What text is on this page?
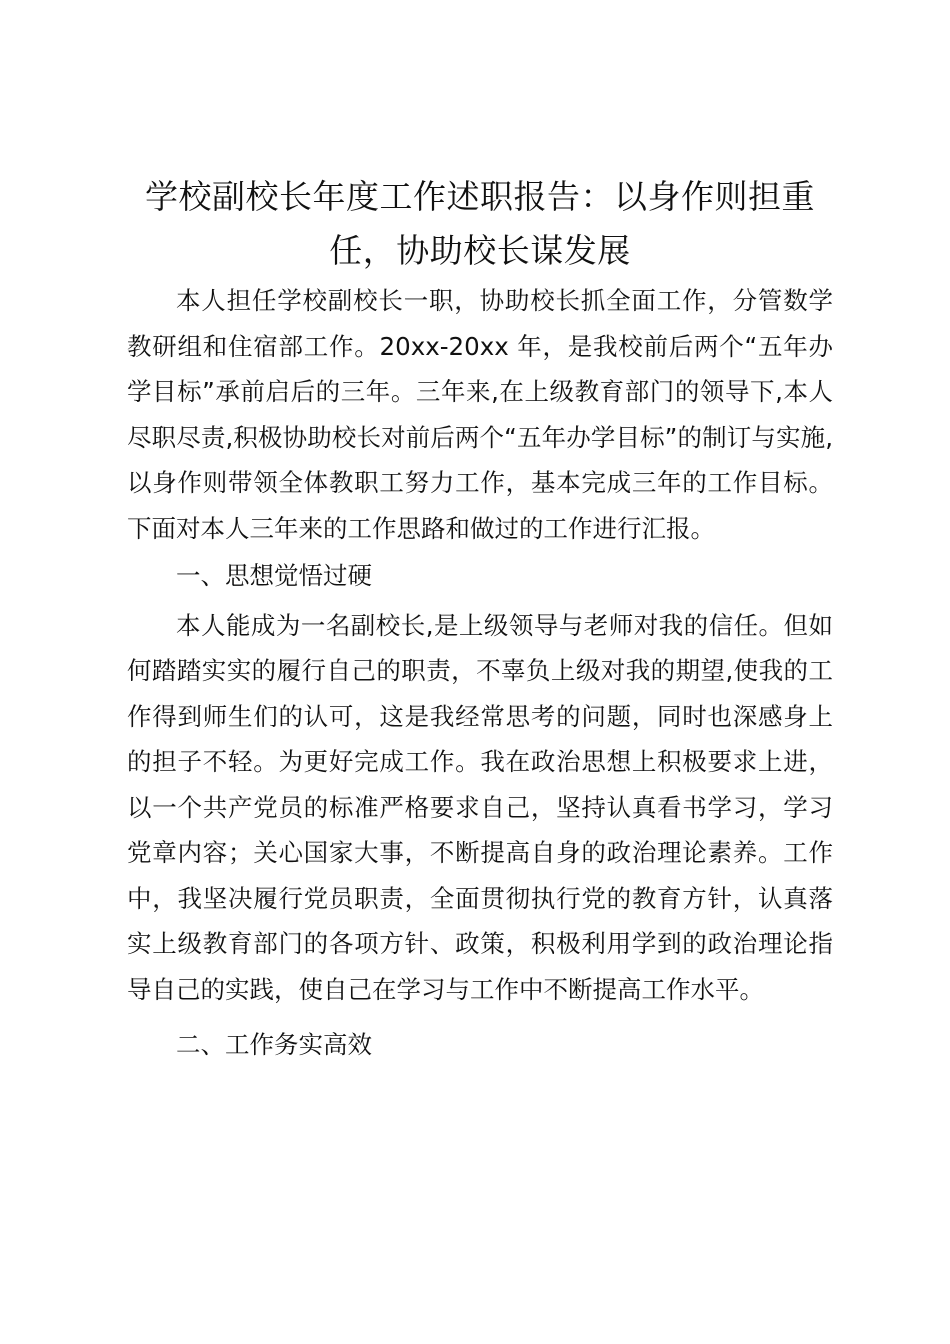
学校副校长年度工作述职报告：以身作则担重任，协助校长谋发展

本人担任学校副校长一职，协助校长抓全面工作，分管数学教研组和住宿部工作。20xx-20xx 年，是我校前后两个“五年办学目标”承前启后的三年。三年来,在上级教育部门的领导下,本人尽职尽责,积极协助校长对前后两个“五年办学目标”的制订与实施,以身作则带领全体教职工努力工作，基本完成三年的工作目标。下面对本人三年来的工作思路和做过的工作进行汇报。

一、思想觉悟过硬

本人能成为一名副校长,是上级领导与老师对我的信任。但如何踏踏实实的履行自己的职责，不辜负上级对我的期望,使我的工作得到师生们的认可，这是我经常思考的问题，同时也深感身上的担子不轻。为更好完成工作。我在政治思想上积极要求上进，以一个共产党员的标准严格要求自己，坚持认真看书学习，学习党章内容；关心国家大事，不断提高自身的政治理论素养。工作中，我坚决履行党员职责，全面贯彻执行党的教育方针，认真落实上级教育部门的各项方针、政策，积极利用学到的政治理论指导自己的实践，使自己在学习与工作中不断提高工作水平。

二、工作务实高效
